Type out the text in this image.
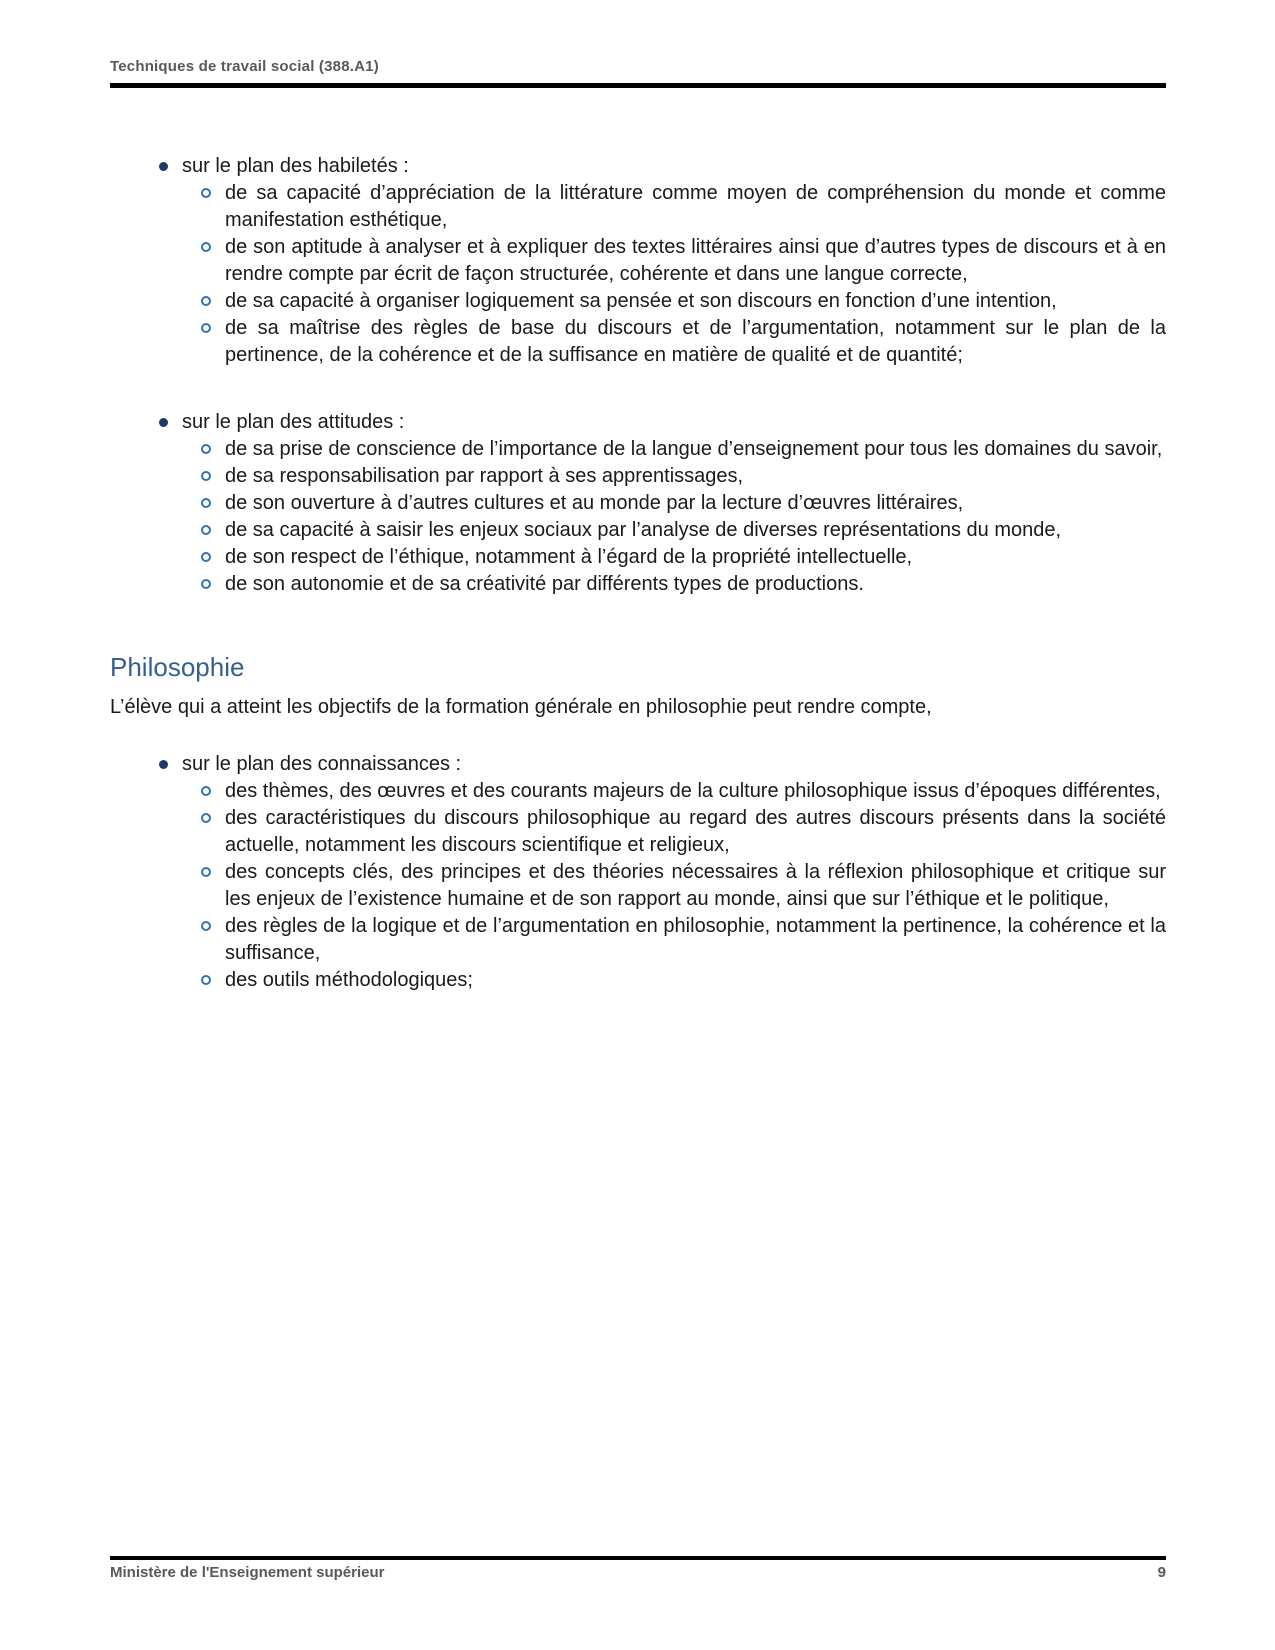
Techniques de travail social (388.A1)
sur le plan des habiletés :
de sa capacité d’appréciation de la littérature comme moyen de compréhension du monde et comme manifestation esthétique,
de son aptitude à analyser et à expliquer des textes littéraires ainsi que d’autres types de discours et à en rendre compte par écrit de façon structurée, cohérente et dans une langue correcte,
de sa capacité à organiser logiquement sa pensée et son discours en fonction d’une intention,
de sa maîtrise des règles de base du discours et de l’argumentation, notamment sur le plan de la pertinence, de la cohérence et de la suffisance en matière de qualité et de quantité;
sur le plan des attitudes :
de sa prise de conscience de l’importance de la langue d’enseignement pour tous les domaines du savoir,
de sa responsabilisation par rapport à ses apprentissages,
de son ouverture à d’autres cultures et au monde par la lecture d’œuvres littéraires,
de sa capacité à saisir les enjeux sociaux par l’analyse de diverses représentations du monde,
de son respect de l’éthique, notamment à l’égard de la propriété intellectuelle,
de son autonomie et de sa créativité par différents types de productions.
Philosophie

L’élève qui a atteint les objectifs de la formation générale en philosophie peut rendre compte,

sur le plan des connaissances :
des thèmes, des œuvres et des courants majeurs de la culture philosophique issus d’époques différentes,
des caractéristiques du discours philosophique au regard des autres discours présents dans la société actuelle, notamment les discours scientifique et religieux,
des concepts clés, des principes et des théories nécessaires à la réflexion philosophique et critique sur les enjeux de l’existence humaine et de son rapport au monde, ainsi que sur l’éthique et le politique,
des règles de la logique et de l’argumentation en philosophie, notamment la pertinence, la cohérence et la suffisance,
des outils méthodologiques;
Ministère de l'Enseignement supérieur	9
